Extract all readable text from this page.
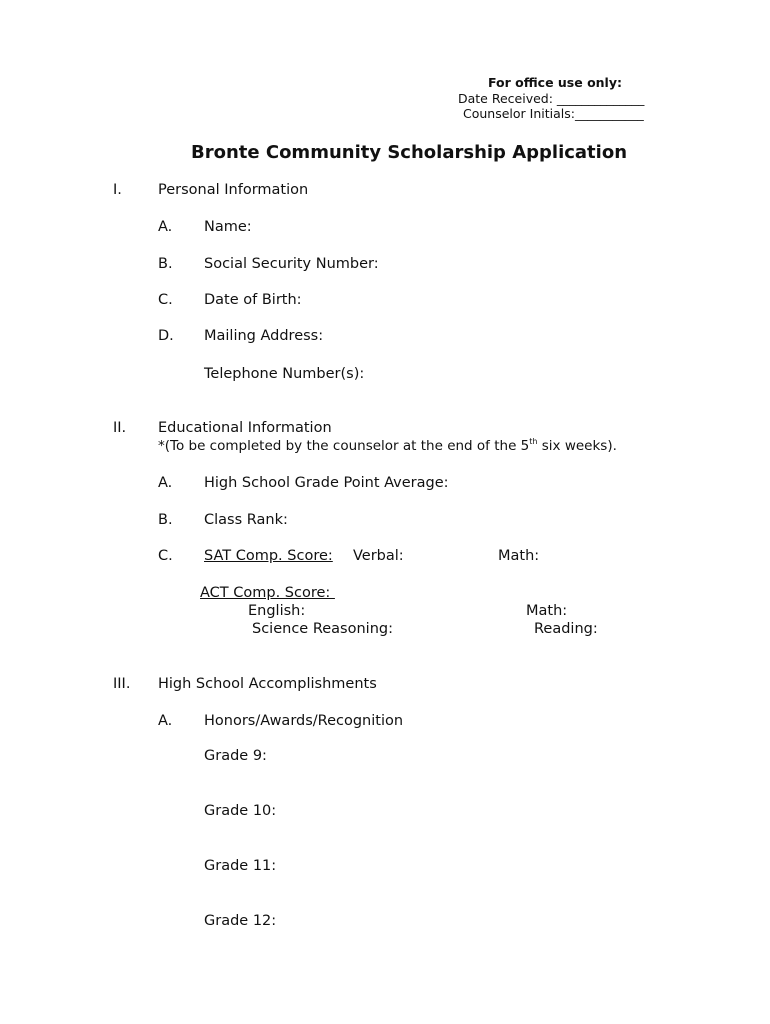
For office use only:
Date Received: ______________
Counselor Initials:___________
Bronte Community Scholarship Application
I. Personal Information
A. Name:
B. Social Security Number:
C. Date of Birth:
D. Mailing Address:
Telephone Number(s):
II. Educational Information
*(To be completed by the counselor at the end of the 5th six weeks).
A. High School Grade Point Average:
B. Class Rank:
C. SAT Comp. Score: Verbal:	Math:
ACT Comp. Score:
English:	Math:
Science Reasoning:	Reading:
III. High School Accomplishments
A. Honors/Awards/Recognition
Grade 9:
Grade 10:
Grade 11:
Grade 12:
